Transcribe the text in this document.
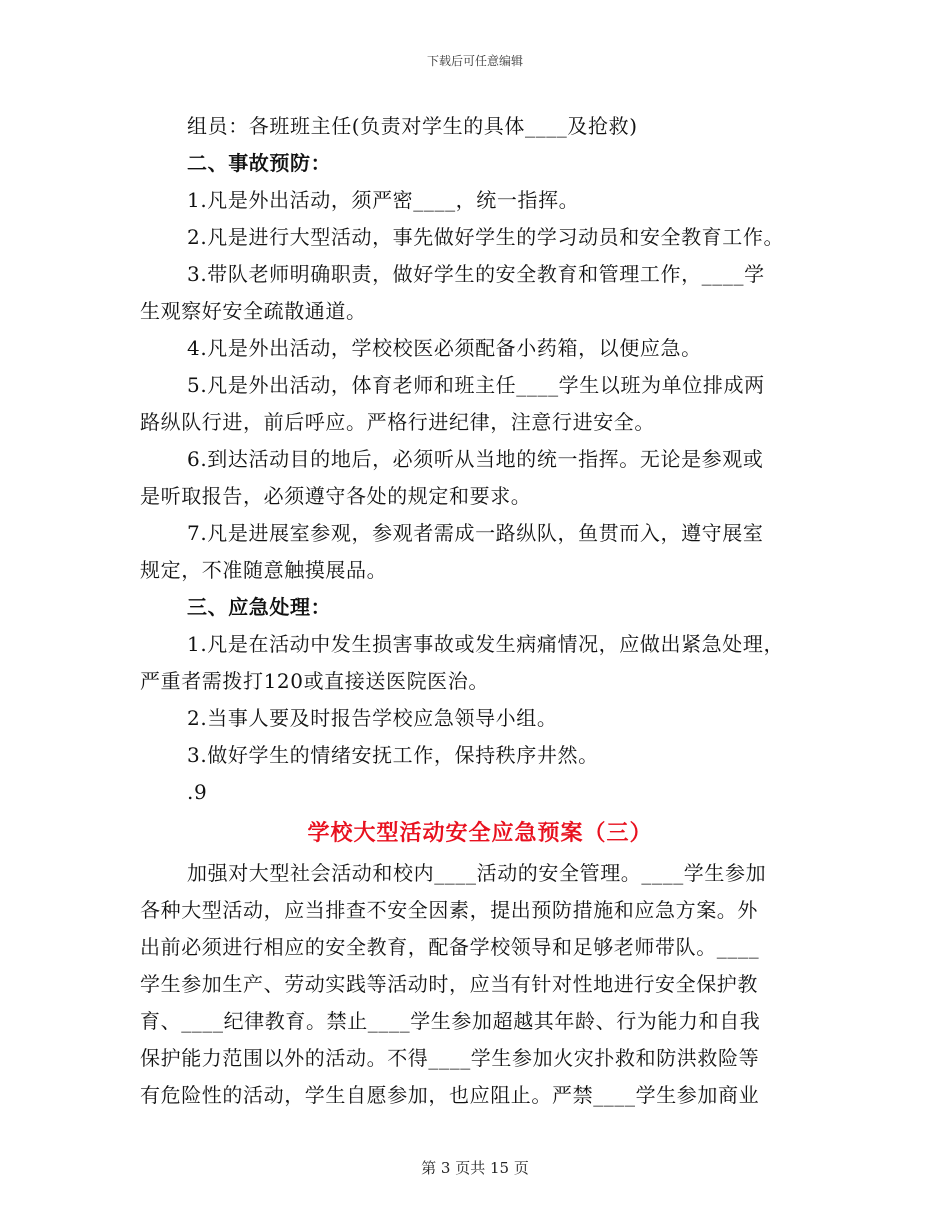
下载后可任意编辑
组员：各班班主任(负责对学生的具体____及抢救)
二、事故预防：
1.凡是外出活动，须严密____，统一指挥。
2.凡是进行大型活动，事先做好学生的学习动员和安全教育工作。
3.带队老师明确职责，做好学生的安全教育和管理工作，____学
生观察好安全疏散通道。
4.凡是外出活动，学校校医必须配备小药箱，以便应急。
5.凡是外出活动，体育老师和班主任____学生以班为单位排成两
路纵队行进，前后呼应。严格行进纪律，注意行进安全。
6.到达活动目的地后，必须听从当地的统一指挥。无论是参观或
是听取报告，必须遵守各处的规定和要求。
7.凡是进展室参观，参观者需成一路纵队，鱼贯而入，遵守展室
规定，不准随意触摸展品。
三、应急处理：
1.凡是在活动中发生损害事故或发生病痛情况，应做出紧急处理，
严重者需拨打120或直接送医院医治。
2.当事人要及时报告学校应急领导小组。
3.做好学生的情绪安抚工作，保持秩序井然。
.9
学校大型活动安全应急预案（三）
加强对大型社会活动和校内____活动的安全管理。____学生参加
各种大型活动，应当排查不安全因素，提出预防措施和应急方案。外
出前必须进行相应的安全教育，配备学校领导和足够老师带队。____
学生参加生产、劳动实践等活动时，应当有针对性地进行安全保护教
育、____纪律教育。禁止____学生参加超越其年龄、行为能力和自我
保护能力范围以外的活动。不得____学生参加火灾扑救和防洪救险等
有危险性的活动，学生自愿参加，也应阻止。严禁____学生参加商业
第 3 页共 15 页
